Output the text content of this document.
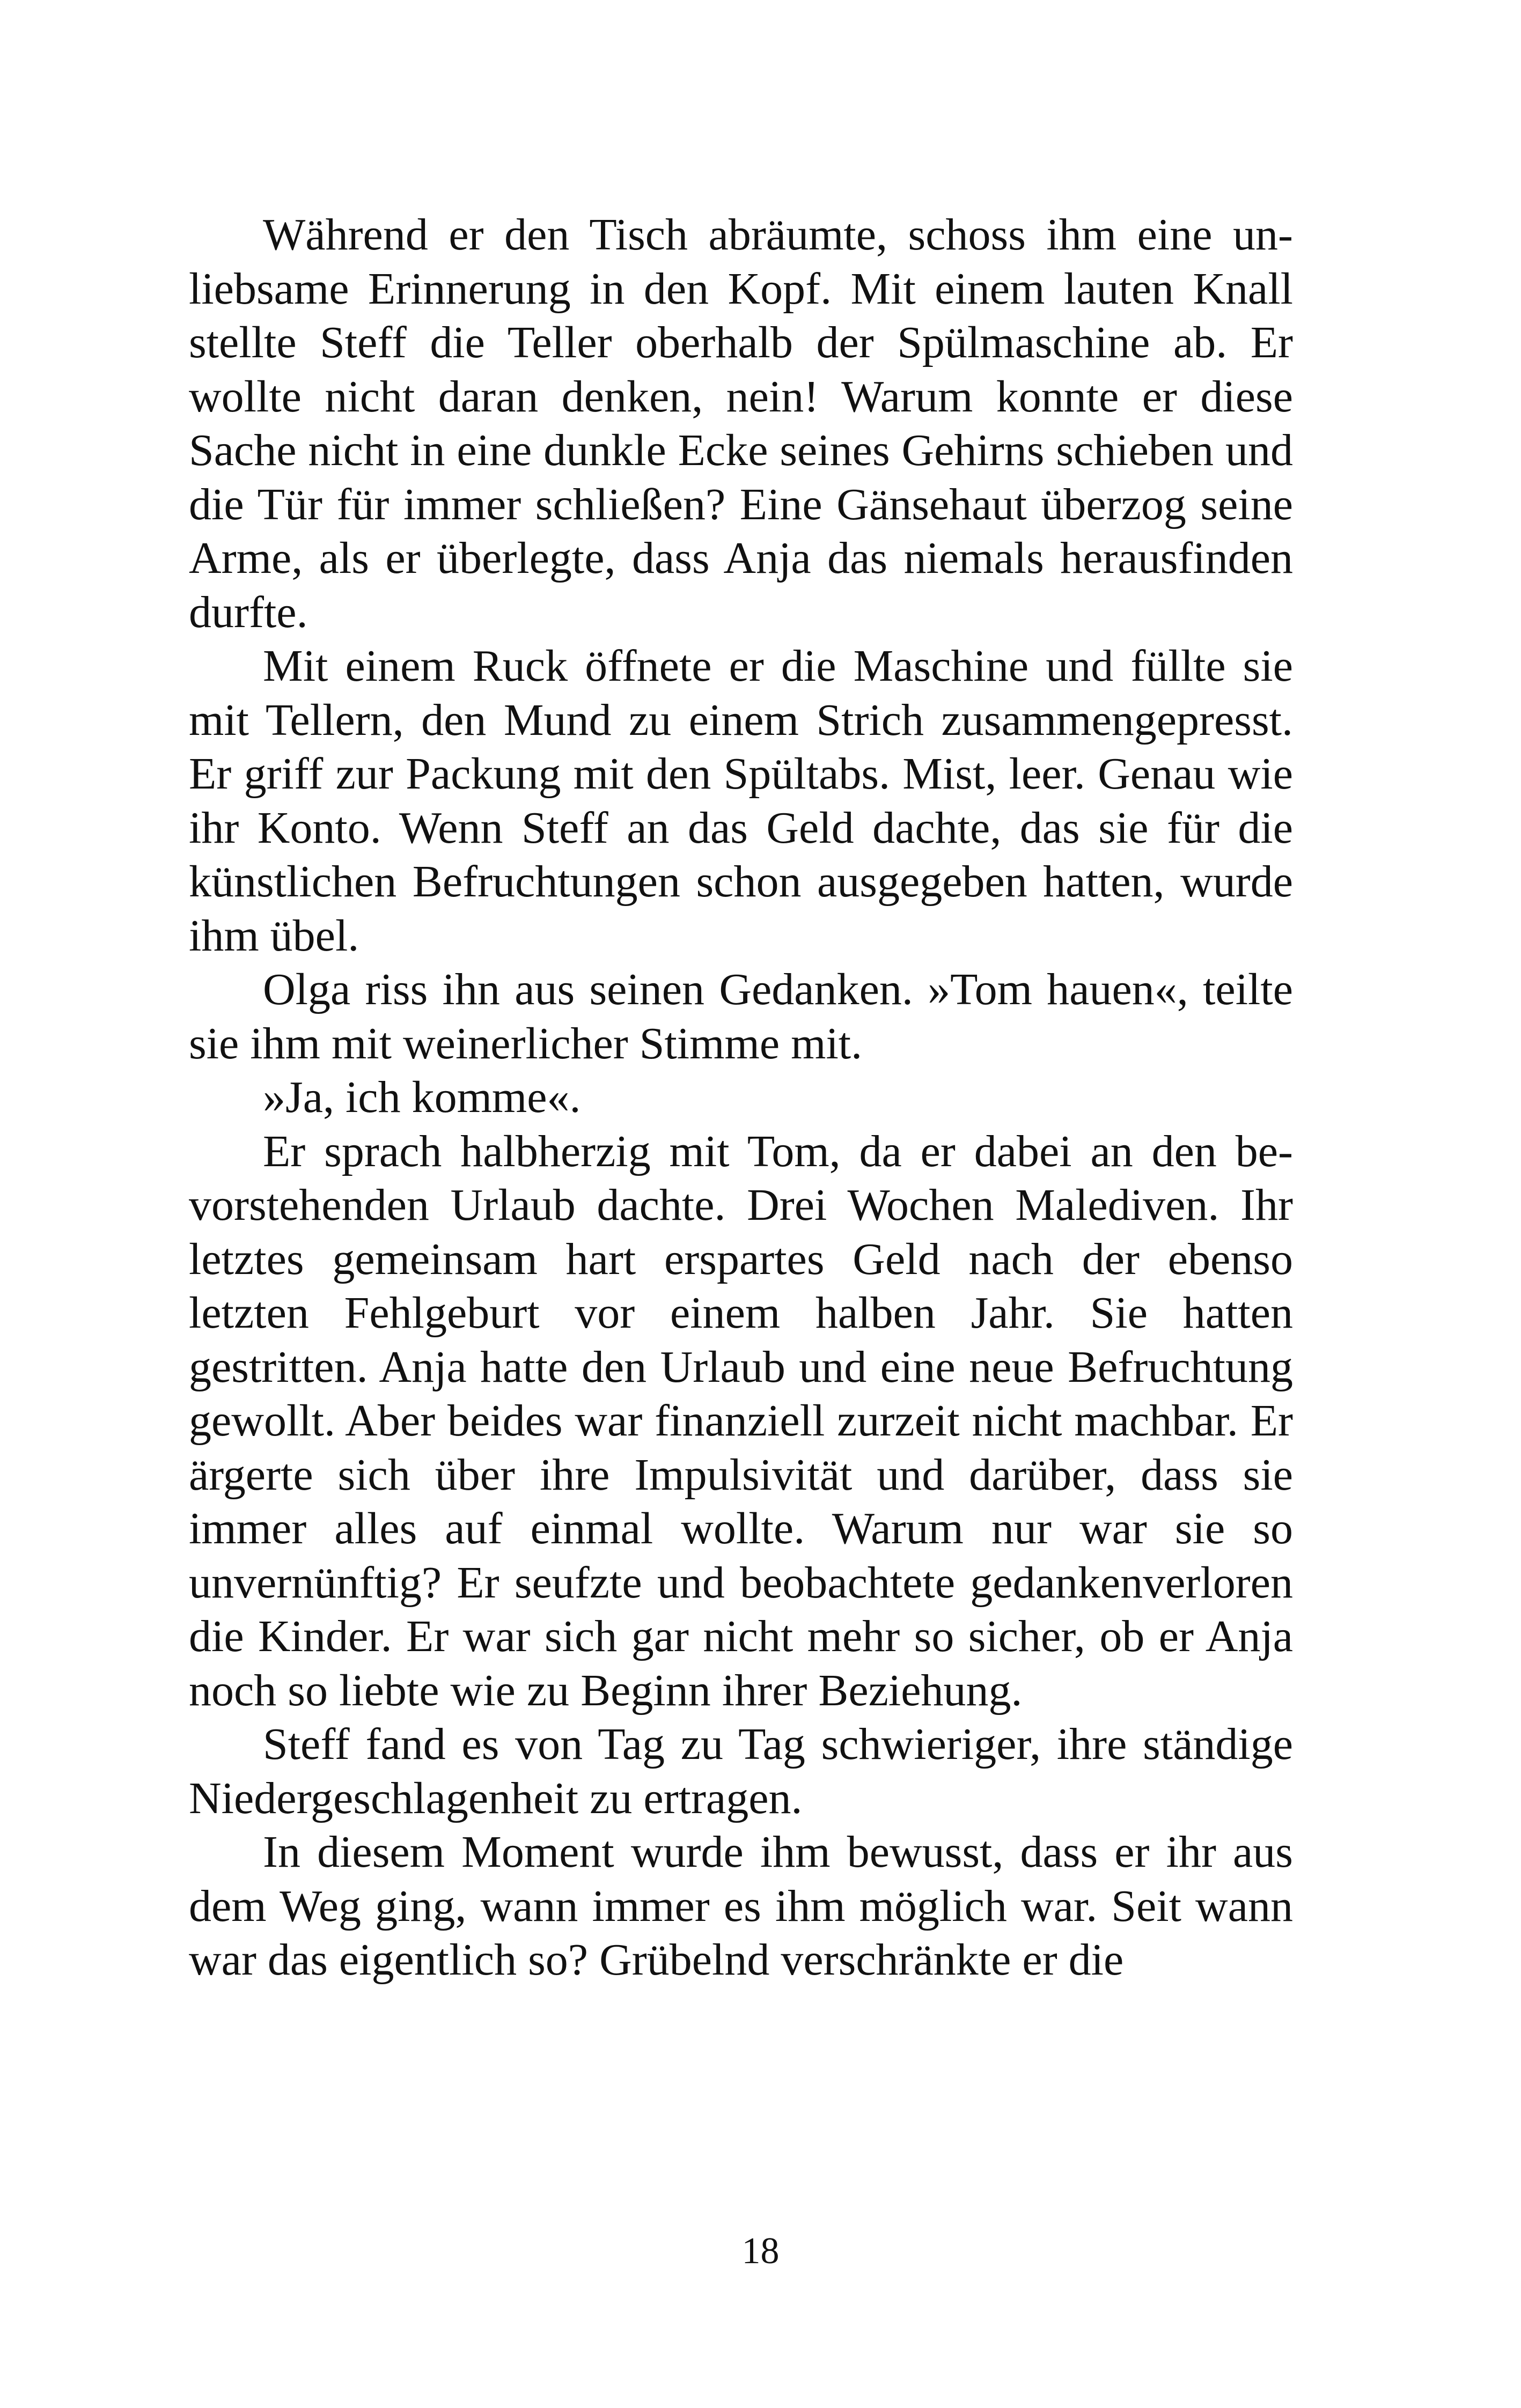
Während er den Tisch abräumte, schoss ihm eine unliebsame Erinnerung in den Kopf. Mit einem lauten Knall stellte Steff die Teller oberhalb der Spülmaschine ab. Er wollte nicht daran denken, nein! Warum konnte er diese Sache nicht in eine dunkle Ecke seines Gehirns schieben und die Tür für immer schließen? Eine Gänsehaut überzog seine Arme, als er überlegte, dass Anja das niemals herausfinden durfte.

Mit einem Ruck öffnete er die Maschine und füllte sie mit Tellern, den Mund zu einem Strich zusammengepresst. Er griff zur Packung mit den Spültabs. Mist, leer. Genau wie ihr Konto. Wenn Steff an das Geld dachte, das sie für die künstlichen Befruchtungen schon ausgegeben hatten, wurde ihm übel.

Olga riss ihn aus seinen Gedanken. »Tom hauen«, teilte sie ihm mit weinerlicher Stimme mit.

»Ja, ich komme«.

Er sprach halbherzig mit Tom, da er dabei an den bevorstehenden Urlaub dachte. Drei Wochen Malediven. Ihr letztes gemeinsam hart erspartes Geld nach der ebenso letzten Fehlgeburt vor einem halben Jahr. Sie hatten gestritten. Anja hatte den Urlaub und eine neue Befruchtung gewollt. Aber beides war finanziell zurzeit nicht machbar. Er ärgerte sich über ihre Impulsivität und darüber, dass sie immer alles auf einmal wollte. Warum nur war sie so unvernünftig? Er seufzte und beobachtete gedankenverloren die Kinder. Er war sich gar nicht mehr so sicher, ob er Anja noch so liebte wie zu Beginn ihrer Beziehung.

Steff fand es von Tag zu Tag schwieriger, ihre ständige Niedergeschlagenheit zu ertragen.

In diesem Moment wurde ihm bewusst, dass er ihr aus dem Weg ging, wann immer es ihm möglich war. Seit wann war das eigentlich so? Grübelnd verschränkte er die

18
